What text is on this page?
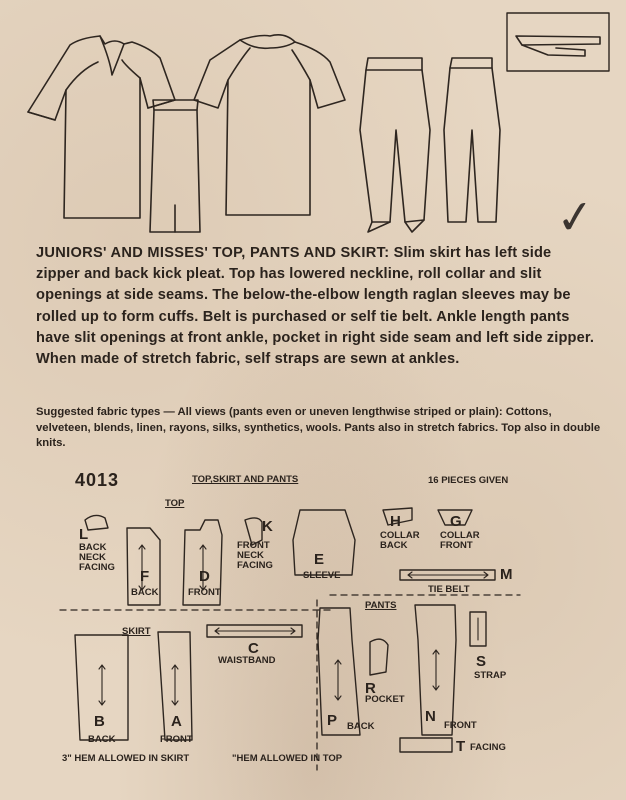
JUNIORS' AND MISSES' TOP, PANTS AND SKIRT: Slim skirt has left side zipper and back kick pleat. Top has lowered neckline, roll collar and slit openings at side seams. The below-the-elbow length raglan sleeves may be rolled up to form cuffs. Belt is purchased or self tie belt. Ankle length pants have slit openings at front ankle, pocket in right side seam and left side zipper. When made of stretch fabric, self straps are sewn at ankles.
Suggested fabric types — All views (pants even or uneven lengthwise striped or plain): Cottons, velveteen, blends, linen, rayons, silks, synthetics, wools. Pants also in stretch fabrics. Top also in double knits.
4013	TOP,SKIRT AND PANTS	16 PIECES GIVEN
TOP
SKIRT
PANTS
L
BACK
NECK
FACING
F
BACK
D
FRONT
K
FRONT
NECK
FACING	E
SLEEVE
H
COLLAR
BACK
G
COLLAR
FRONT
TIE BELT
M
C
WAISTBAND
B
BACK
A
FRONT
R
POCKET
P BACK
N
FRONT
S
STRAP
T FACING
3" HEM ALLOWED IN SKIRT	"HEM ALLOWED IN TOP
✓
